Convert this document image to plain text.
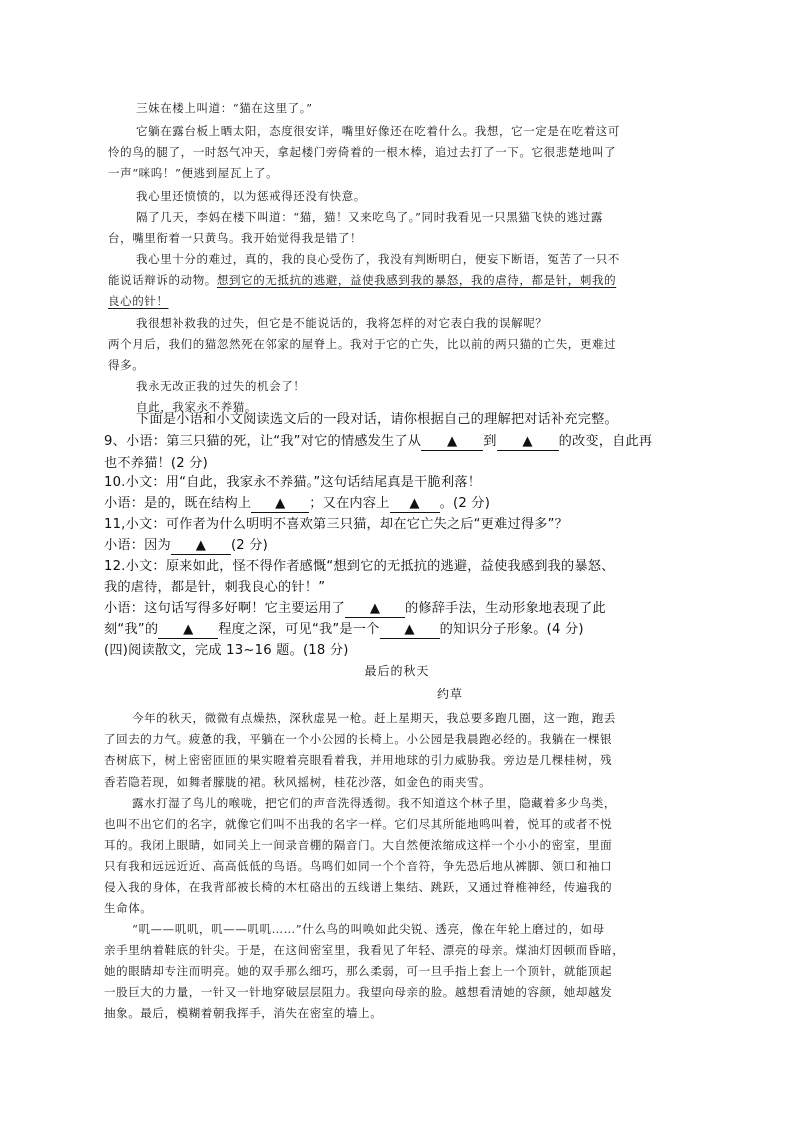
三妹在楼上叫道：“猫在这里了。”
它躺在露台板上晒太阳，态度很安详，嘴里好像还在吃着什么。我想，它一定是在吃着这可
怜的鸟的腿了，一时怒气冲天，拿起楼门旁倚着的一根木棒，追过去打了一下。它很悲楚地叫了
一声“咪呜！”便逃到屋瓦上了。
我心里还愤愤的，以为惩戒得还没有快意。
隔了几天，李妈在楼下叫道：“猫，猫！又来吃鸟了。”同时我看见一只黑猫飞快的逃过露
台，嘴里衔着一只黄鸟。我开始觉得我是错了！
我心里十分的难过，真的，我的良心受伤了，我没有判断明白，便妄下断语，冤苦了一只不
能说话辩诉的动物。想到它的无抵抗的逃避，益使我感到我的暴怒，我的虐待，都是针，刺我的
良心的针！
我很想补救我的过失，但它是不能说话的，我将怎样的对它表白我的误解呢？
两个月后，我们的猫忽然死在邻家的屋脊上。我对于它的亡失，比以前的两只猫的亡失，更难过
得多。
我永无改正我的过失的机会了！
自此，我家永不养猫。
下面是小语和小文阅读选文后的一段对话，请你根据自己的理解把对话补充完整。
9、小语：第三只猫的死，让“我”对它的情感发生了从 ▲ 到 ▲ 的改变，自此再
也不养猫！(2 分)
10.小文：用“自此，我家永不养猫。”这句话结尾真是干脆利落！
小语：是的，既在结构上 ▲ ；又在内容上 ▲ 。(2 分)
11,小文：可作者为什么明明不喜欢第三只猫，却在它亡失之后“更难过得多”？
小语：因为 ▲ (2 分)
12.小文：原来如此，怪不得作者感慨“想到它的无抵抗的逃避，益使我感到我的暴怒、
我的虐待，都是针，刺我良心的针！”
小语：这句话写得多好啊！它主要运用了 ▲ 的修辞手法，生动形象地表现了此
刻“我”的 ▲ 程度之深，可见“我”是一个 ▲ 的知识分子形象。(4 分)
(四)阅读散文，完成 13~16 题。(18 分)
最后的秋天
约草
今年的秋天，微微有点燥热，深秋虚晃一枪。赶上星期天，我总要多跑几圈，这一跑，跑丢
了回去的力气。疲惫的我，平躺在一个小公园的长椅上。小公园是我晨跑必经的。我躺在一棵银
杏树底下，树上密密匝匝的果实瞪着亮眼看着我，并用地球的引力威胁我。旁边是几棵桂树，残
香若隐若现，如舞者朦胧的裙。秋风摇树，桂花沙落，如金色的雨夹雪。
露水打湿了鸟儿的喉咙，把它们的声音洗得透彻。我不知道这个林子里，隐藏着多少鸟类，
也叫不出它们的名字，就像它们叫不出我的名字一样。它们尽其所能地鸣叫着，悦耳的或者不悦
耳的。我闭上眼睛，如同关上一间录音棚的隔音门。大自然便浓缩成这样一个小小的密室，里面
只有我和远远近近、高高低低的鸟语。鸟鸣们如同一个个音符，争先恐后地从裤脚、领口和袖口
侵入我的身体，在我背部被长椅的木杠硌出的五线谱上集结、跳跃，又通过脊椎神经，传遍我的
生命体。
“叽——叽叽，叽——叽叽……”什么鸟的叫唤如此尖锐、透亮，像在年轮上磨过的，如母
亲手里纳着鞋底的针尖。于是，在这间密室里，我看见了年轻、漂亮的母亲。煤油灯因顿而昏暗，
她的眼睛却专注而明亮。她的双手那么细巧，那么柔弱，可一旦手指上套上一个顶针，就能顶起
一股巨大的力量，一针又一针地穿破层层阻力。我望向母亲的脸。越想看清她的容颜，她却越发
抽象。最后，模糊着朝我挥手，消失在密室的墙上。
